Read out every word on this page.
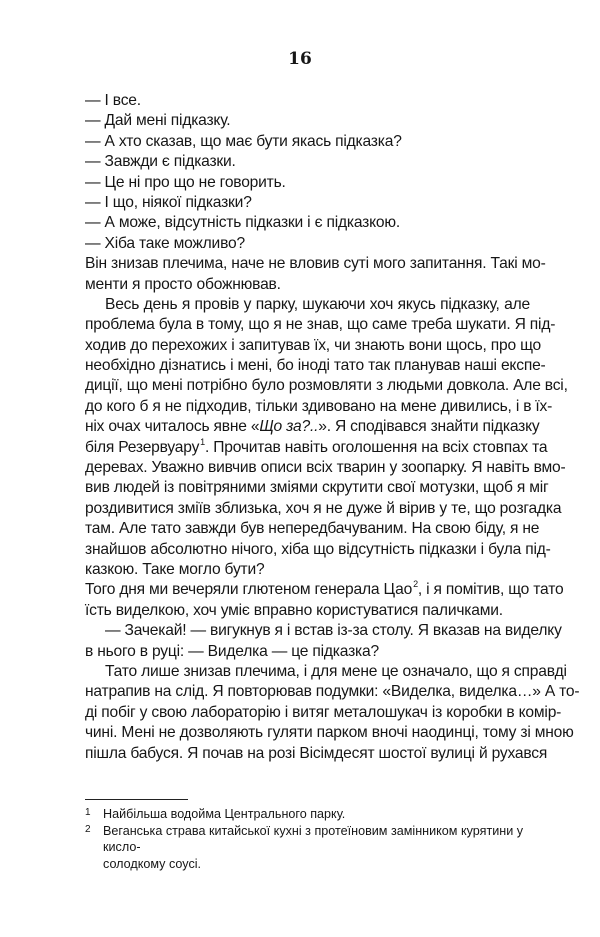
16
— І все.
— Дай мені підказку.
— А хто сказав, що має бути якась підказка?
— Завжди є підказки.
— Це ні про що не говорить.
— І що, ніякої підказки?
— А може, відсутність підказки і є підказкою.
— Хіба таке можливо?
Він знизав плечима, наче не вловив суті мого запитання. Такі мо-
менти я просто обожнював.
Весь день я провів у парку, шукаючи хоч якусь підказку, але
проблема була в тому, що я не знав, що саме треба шукати. Я під-
ходив до перехожих і запитував їх, чи знають вони щось, про що
необхідно дізнатись і мені, бо іноді тато так планував наші експе-
диції, що мені потрібно було розмовляти з людьми довкола. Але всі,
до кого б я не підходив, тільки здивовано на мене дивились, і в їх-
ніх очах читалось явне «Що за?..». Я сподівався знайти підказку
біля Резервуару$^1$. Прочитав навіть оголошення на всіх стовпах та
деревах. Уважно вивчив описи всіх тварин у зоопарку. Я навіть вмо-
вив людей із повітряними зміями скрутити свої мотузки, щоб я міг
роздивитися зміїв зблизька, хоч я не дуже й вірив у те, що розгадка
там. Але тато завжди був непередбачуваним. На свою біду, я не
знайшов абсолютно нічого, хіба що відсутність підказки і була під-
казкою. Таке могло бути?
Того дня ми вечеряли глютеном генерала Цао$^2$, і я помітив, що тато
їсть виделкою, хоч уміє вправно користуватися паличками.
— Зачекай! — вигукнув я і встав із-за столу. Я вказав на виделку
в нього в руці: — Виделка — це підказка?
Тато лише знизав плечима, і для мене це означало, що я справді
натрапив на слід. Я повторював подумки: «Виделка, виделка…» А то-
ді побіг у свою лабораторію і витяг металошукач із коробки в комір-
чині. Мені не дозволяють гуляти парком вночі наодинці, тому зі мною
пішла бабуся. Я почав на розі Вісімдесят шостої вулиці й рухався
1 Найбільша водойма Центрального парку.
2 Веганська страва китайської кухні з протеїновим замінником курятини у кисло-
солодкому соусі.
